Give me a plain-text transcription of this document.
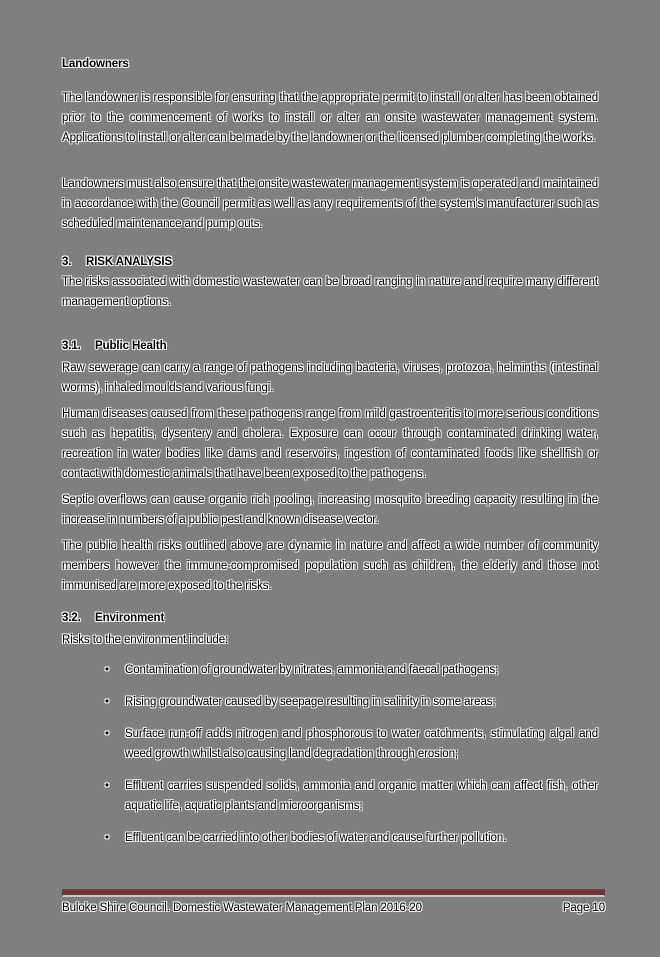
Landowners

The landowner is responsible for ensuring that the appropriate permit to install or alter has been obtained prior to the commencement of works to install or alter an onsite wastewater management system. Applications to install or alter can be made by the landowner or the licensed plumber completing the works.

Landowners must also ensure that the onsite wastewater management system is operated and maintained in accordance with the Council permit as well as any requirements of the system's manufacturer such as scheduled maintenance and pump outs.

3. RISK ANALYSIS

The risks associated with domestic wastewater can be broad ranging in nature and require many different management options.

3.1. Public Health

Raw sewerage can carry a range of pathogens including bacteria, viruses, protozoa, helminths (intestinal worms), inhaled moulds and various fungi.

Human diseases caused from these pathogens range from mild gastroenteritis to more serious conditions such as hepatitis, dysentery and cholera. Exposure can occur through contaminated drinking water, recreation in water bodies like dams and reservoirs, ingestion of contaminated foods like shellfish or contact with domestic animals that have been exposed to the pathogens.

Septic overflows can cause organic rich pooling, increasing mosquito breeding capacity resulting in the increase in numbers of a public pest and known disease vector.

The public health risks outlined above are dynamic in nature and affect a wide number of community members however the immune-compromised population such as children, the elderly and those not immunised are more exposed to the risks.

3.2. Environment

Risks to the environment include:

• Contamination of groundwater by nitrates, ammonia and faecal pathogens;
• Rising groundwater caused by seepage resulting in salinity in some areas;
• Surface run-off adds nitrogen and phosphorous to water catchments, stimulating algal and weed growth whilst also causing land degradation through erosion;
• Effluent carries suspended solids, ammonia and organic matter which can affect fish, other aquatic life, aquatic plants and microorganisms;
• Effluent can be carried into other bodies of water and cause further pollution.
Buloke Shire Council. Domestic Wastewater Management Plan 2016-20	Page 10
